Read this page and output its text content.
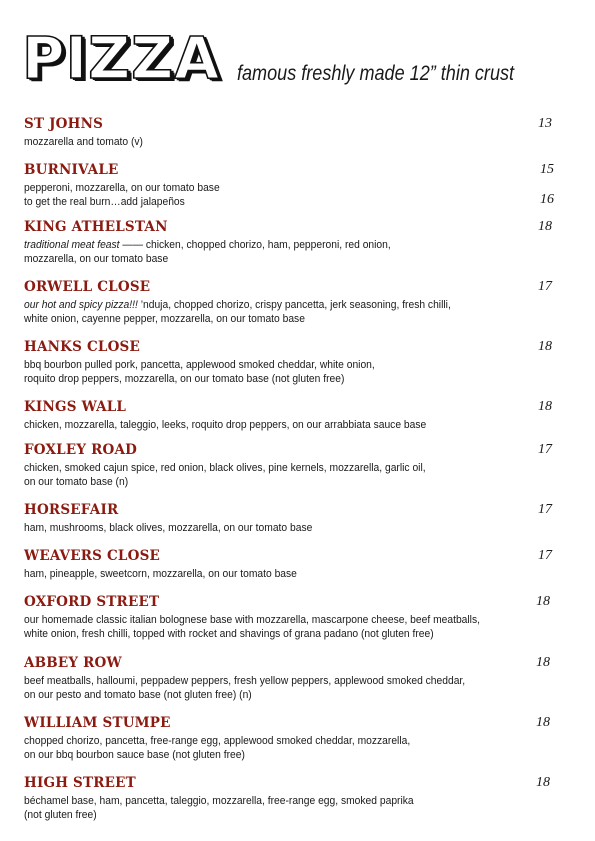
PIZZA famous freshly made 12” thin crust
ST JOHNS
mozzarella and tomato (v)
13
BURNIVALE
pepperoni, mozzarella, on our tomato base
to get the real burn…add jalapeños
15
16
KING ATHELSTAN
traditional meat feast —— chicken, chopped chorizo, ham, pepperoni, red onion,
mozzarella, on our tomato base
18
ORWELL CLOSE
our hot and spicy pizza!!! ’nduja, chopped chorizo, crispy pancetta, jerk seasoning, fresh chilli,
white onion, cayenne pepper, mozzarella, on our tomato base
17
HANKS CLOSE
bbq bourbon pulled pork, pancetta, applewood smoked cheddar, white onion,
roquito drop peppers, mozzarella, on our tomato base (not gluten free)
18
KINGS WALL
chicken, mozzarella, taleggio, leeks, roquito drop peppers, on our arrabbiata sauce base
18
FOXLEY ROAD
chicken, smoked cajun spice, red onion, black olives, pine kernels, mozzarella, garlic oil,
on our tomato base (n)
17
HORSEFAIR
ham, mushrooms, black olives, mozzarella, on our tomato base
17
WEAVERS CLOSE
ham, pineapple, sweetcorn, mozzarella, on our tomato base
17
OXFORD STREET
our homemade classic italian bolognese base with mozzarella, mascarpone cheese, beef meatballs,
white onion, fresh chilli, topped with rocket and shavings of grana padano (not gluten free)
18
ABBEY ROW
beef meatballs, halloumi, peppadew peppers, fresh yellow peppers, applewood smoked cheddar,
on our pesto and tomato base (not gluten free) (n)
18
WILLIAM STUMPE
chopped chorizo, pancetta, free-range egg, applewood smoked cheddar, mozzarella,
on our bbq bourbon sauce base (not gluten free)
18
HIGH STREET
béchamel base, ham, pancetta, taleggio, mozzarella, free-range egg, smoked paprika
(not gluten free)
18
